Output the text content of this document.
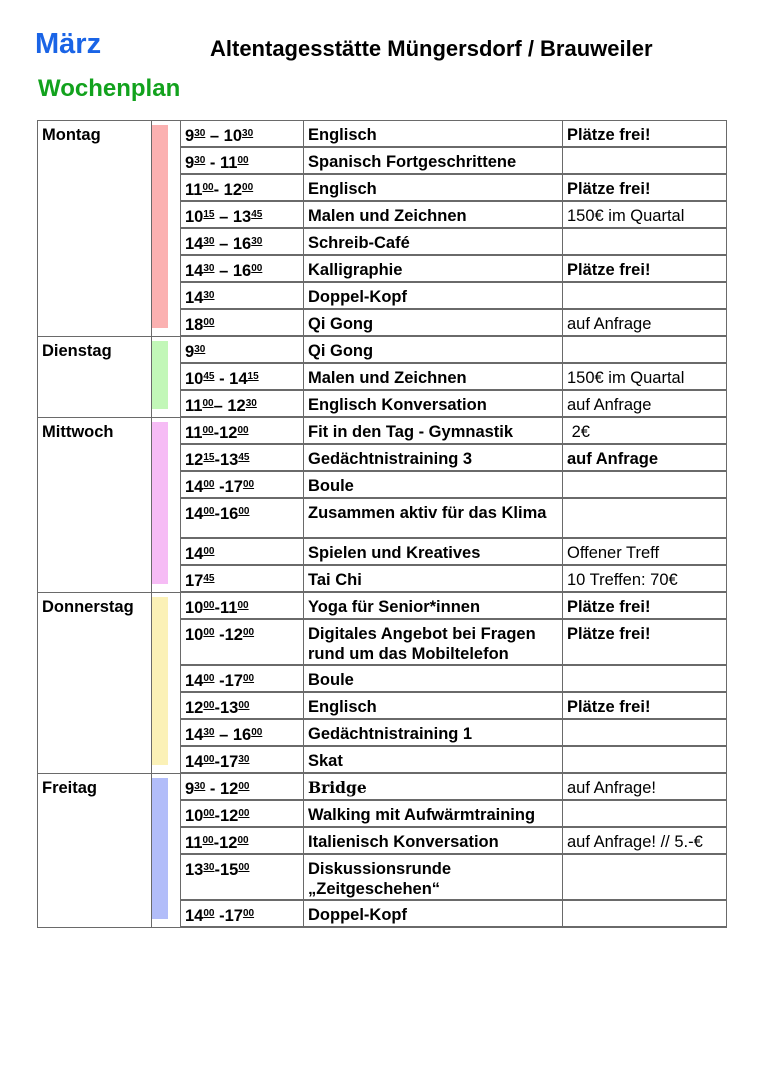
März	Altentagesstätte Müngersdorf / Brauweiler
Wochenplan
Montag		$9^{30} - 10^{30}$	Englisch	Plätze frei!
		$9^{30} - 11^{00}$	Spanisch Fortgeschrittene	
		$11^{00}-$ $12^{00}$	Englisch	Plätze frei!
		$10^{15} - 13^{45}$	Malen und Zeichnen	150€ im Quartal
		$14^{30} - 16^{30}$	Schreib-Café	
		$14^{30} - 16^{00}$	Kalligraphie	Plätze frei!
		$14^{30}$	Doppel-Kopf	
		$18^{00}$	Qi Gong	auf Anfrage
Dienstag		$9^{30}$	Qi Gong	
		$10^{45} - 14^{15}$	Malen und Zeichnen	150€ im Quartal
		$11^{00}-$ $12^{30}$	Englisch Konversation	auf Anfrage
Mittwoch		$11^{00}-12^{00}$	Fit in den Tag - Gymnastik	2€
		$12^{15}-13^{45}$	Gedächtnistraining 3	auf Anfrage
		$14^{00}$ $-17^{00}$	Boule	
		$14^{00}-16^{00}$	Zusammen aktiv für das Klima	
		$14^{00}$	Spielen und Kreatives	Offener Treff
		$17^{45}$	Tai Chi	10 Treffen: 70€
Donnerstag		$10^{00}-11^{00}$	Yoga für Senior*innen	Plätze frei!
		$10^{00}$ $-12^{00}$	Digitales Angebot bei Fragen rund um das Mobiltelefon	Plätze frei!
		$14^{00}$ $-17^{00}$	Boule	
		$12^{00}-13^{00}$	Englisch	Plätze frei!
		$14^{30} - 16^{00}$	Gedächtnistraining 1	
		$14^{00}-17^{30}$	Skat	
Freitag		$9^{30} - 12^{00}$	Bridge	auf Anfrage!
		$10^{00}-12^{00}$	Walking mit Aufwärmtraining	
		$11^{00}-12^{00}$	Italienisch Konversation	auf Anfrage! // 5.-€
		$13^{30}-15^{00}$	Diskussionsrunde „Zeitgeschehen“	
		$14^{00}$ $-17^{00}$	Doppel-Kopf	
